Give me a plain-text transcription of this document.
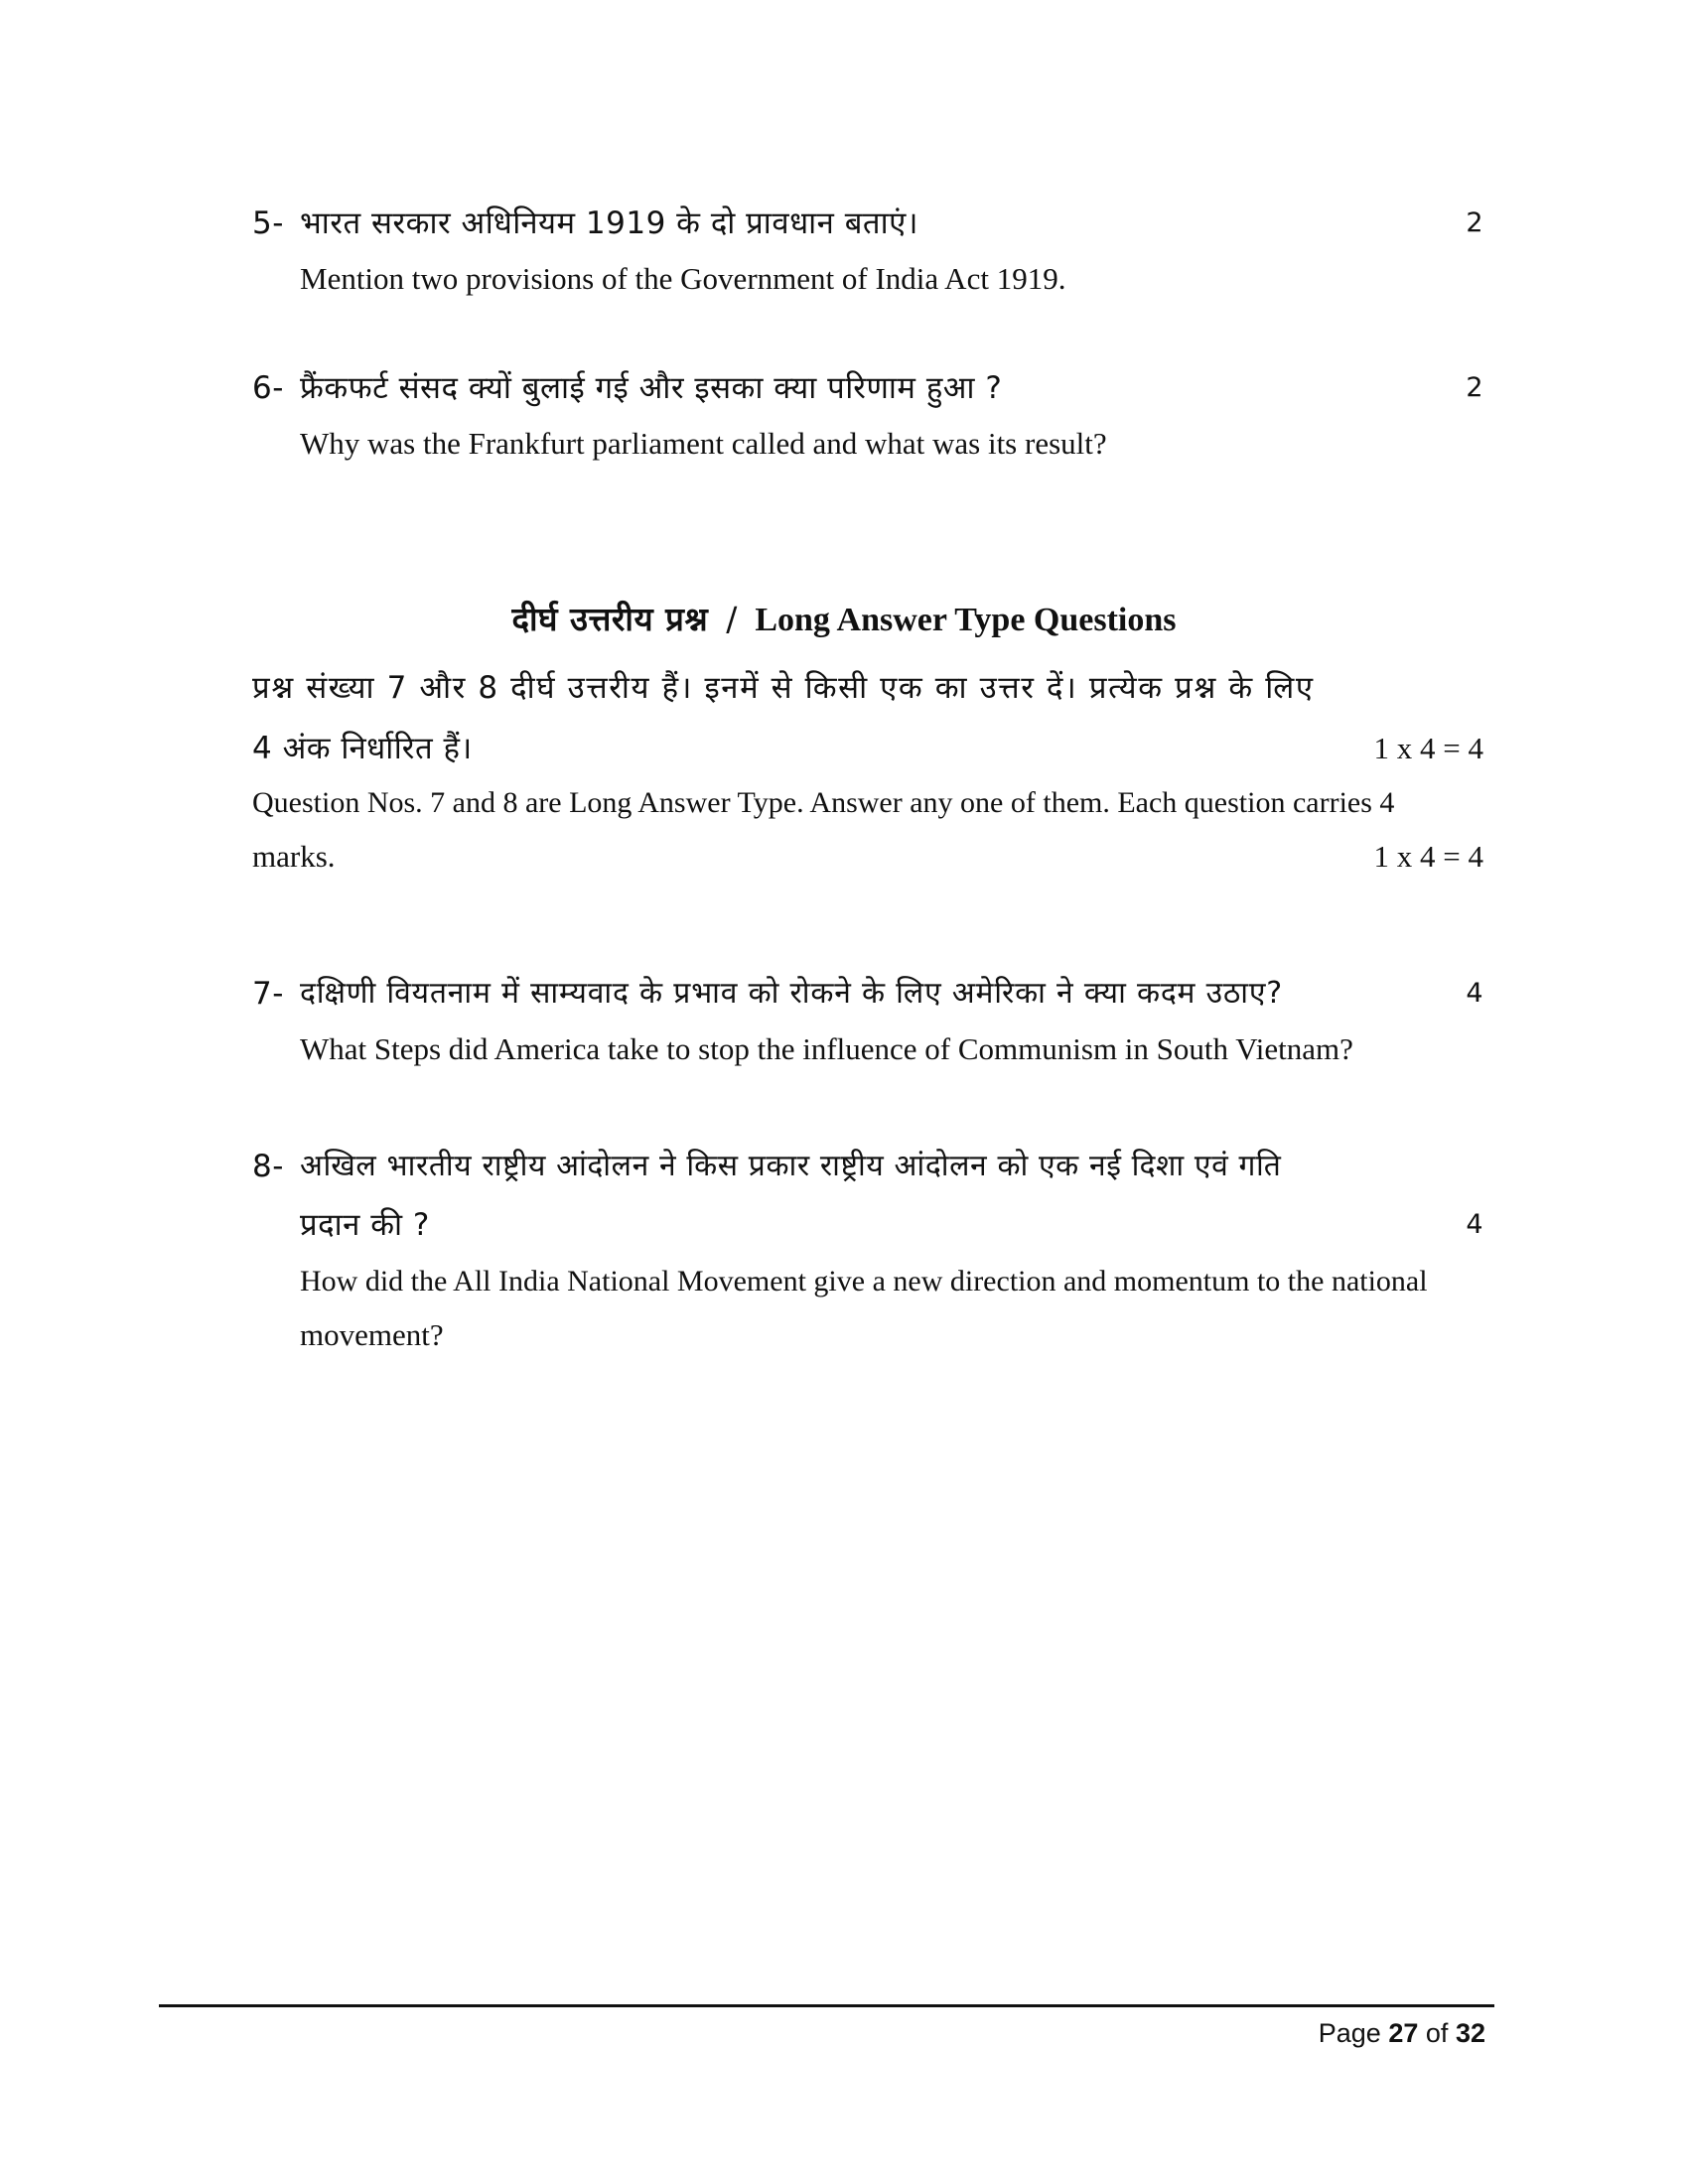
5- भारत सरकार अधिनियम 1919 के दो प्रावधान बताएं।	2
Mention two provisions of the Government of India Act 1919.
6- फ्रैंकफर्ट संसद क्यों बुलाई गई और इसका क्या परिणाम हुआ ?	2
Why was the Frankfurt parliament called and what was its result?
दीर्घ उत्तरीय प्रश्न / Long Answer Type Questions
प्रश्न संख्या 7 और 8 दीर्घ उत्तरीय हैं। इनमें से किसी एक का उत्तर दें। प्रत्येक प्रश्न के लिए
4 अंक निर्धारित हैं।	1 x 4 = 4
Question Nos. 7 and 8 are Long Answer Type. Answer any one of them. Each question carries 4
marks.	1 x 4 = 4
7- दक्षिणी वियतनाम में साम्यवाद के प्रभाव को रोकने के लिए अमेरिका ने क्या कदम उठाए?	4
What Steps did America take to stop the influence of Communism in South Vietnam?
8- अखिल भारतीय राष्ट्रीय आंदोलन ने किस प्रकार राष्ट्रीय आंदोलन को एक नई दिशा एवं गति
प्रदान की ?	4
How did the All India National Movement give a new direction and momentum to the national
movement?
Page 27 of 32
